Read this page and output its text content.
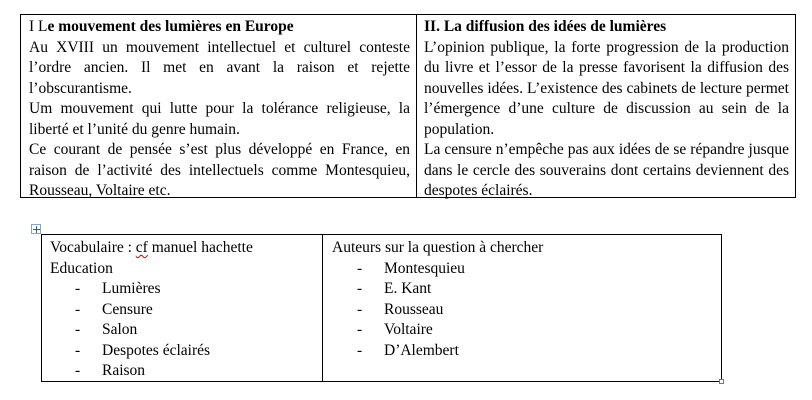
I Le mouvement des lumières en Europe
Au XVIII un mouvement intellectuel et culturel conteste l’ordre ancien. Il met en avant la raison et rejette l’obscurantisme.
Um mouvement qui lutte pour la tolérance religieuse, la liberté et l’unité du genre humain.
Ce courant de pensée s’est plus développé en France, en raison de l’activité des intellectuels comme Montesquieu, Rousseau, Voltaire etc.
II. La diffusion des idées de lumières
L’opinion publique, la forte progression de la production du livre et l’essor de la presse favorisent la diffusion des nouvelles idées. L’existence des cabinets de lecture permet l’émergence d’une culture de discussion au sein de la population.
La censure n’empêche pas aux idées de se répandre jusque dans le cercle des souverains dont certains deviennent des despotes éclairés.
Vocabulaire : cf manuel hachette
Education
- Lumières
- Censure
- Salon
- Despotes éclairés
- Raison
Auteurs sur la question à chercher
- Montesquieu
- E. Kant
- Rousseau
- Voltaire
- D’Alembert
